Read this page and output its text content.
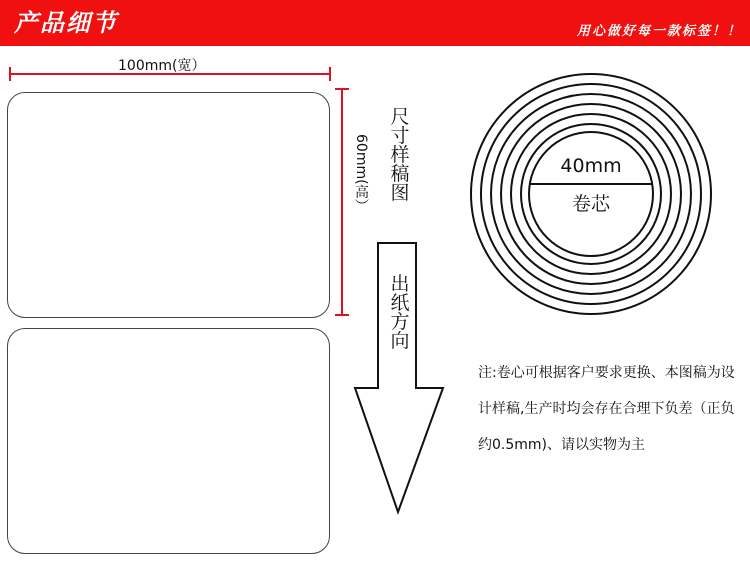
产品细节	用心做好每一款标签！！
100mm(宽）
60mm(高）
尺寸样稿图
出纸方向
40mm
卷芯
注:卷心可根据客户要求更换、本图稿为设计样稿,生产时均会存在合理下负差（正负约0.5mm)、请以实物为主
